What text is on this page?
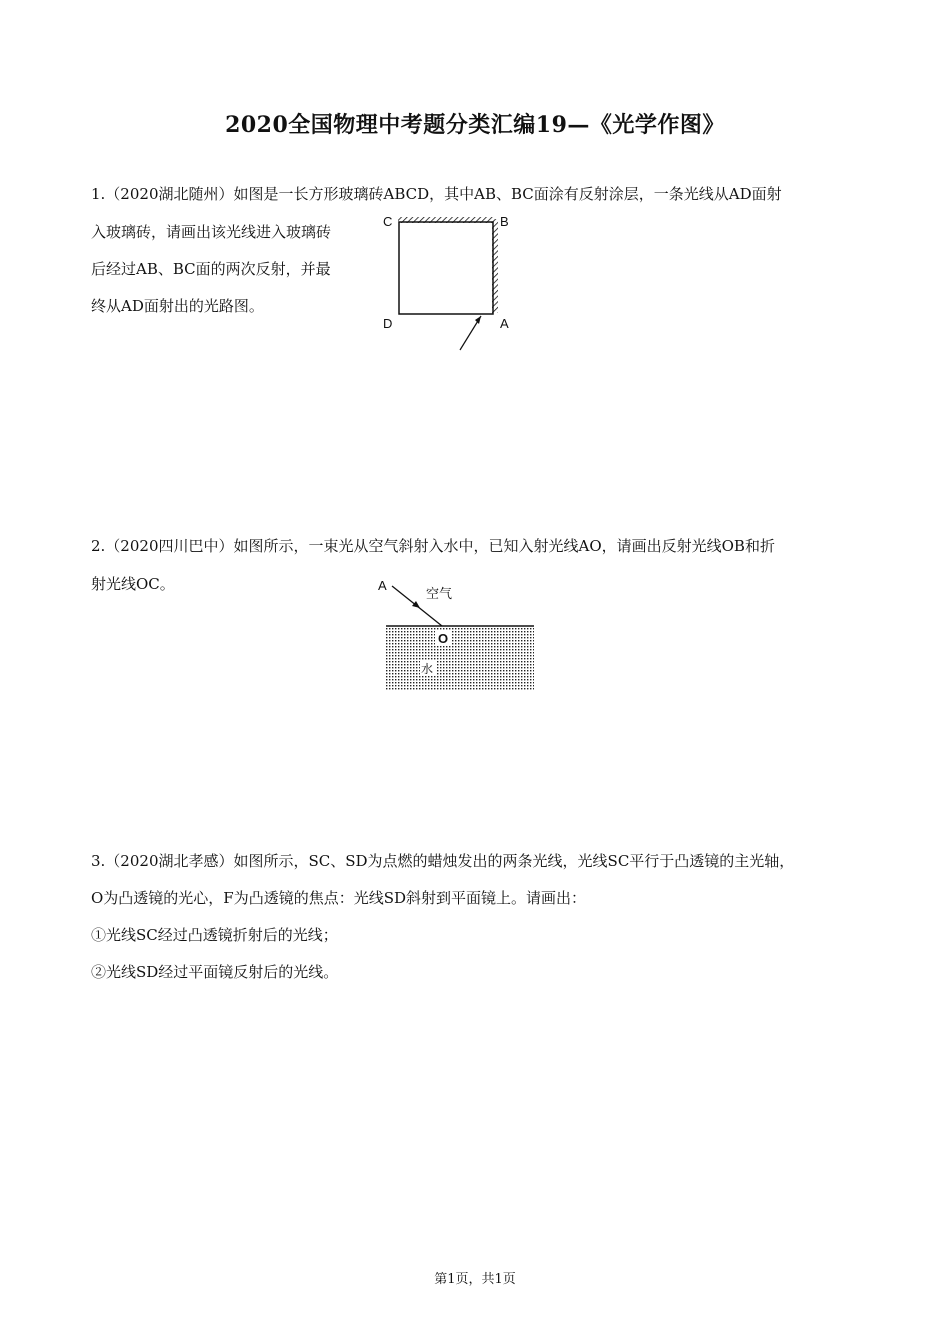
2020全国物理中考题分类汇编19—《光学作图》
1.（2020湖北随州）如图是一长方形玻璃砖ABCD，其中AB、BC面涂有反射涂层，一条光线从AD面射
入玻璃砖，请画出该光线进入玻璃砖
后经过AB、BC面的两次反射，并最
终从AD面射出的光路图。
C	B
D	A
2.（2020四川巴中）如图所示，一束光从空气斜射入水中，已知入射光线AO，请画出反射光线OB和折
射光线OC。	A
空气
O
水
3.（2020湖北孝感）如图所示，SC、SD为点燃的蜡烛发出的两条光线，光线SC平行于凸透镜的主光轴，
O为凸透镜的光心，F为凸透镜的焦点：光线SD斜射到平面镜上。请画出：
①光线SC经过凸透镜折射后的光线；
②光线SD经过平面镜反射后的光线。
第1页，共1页
